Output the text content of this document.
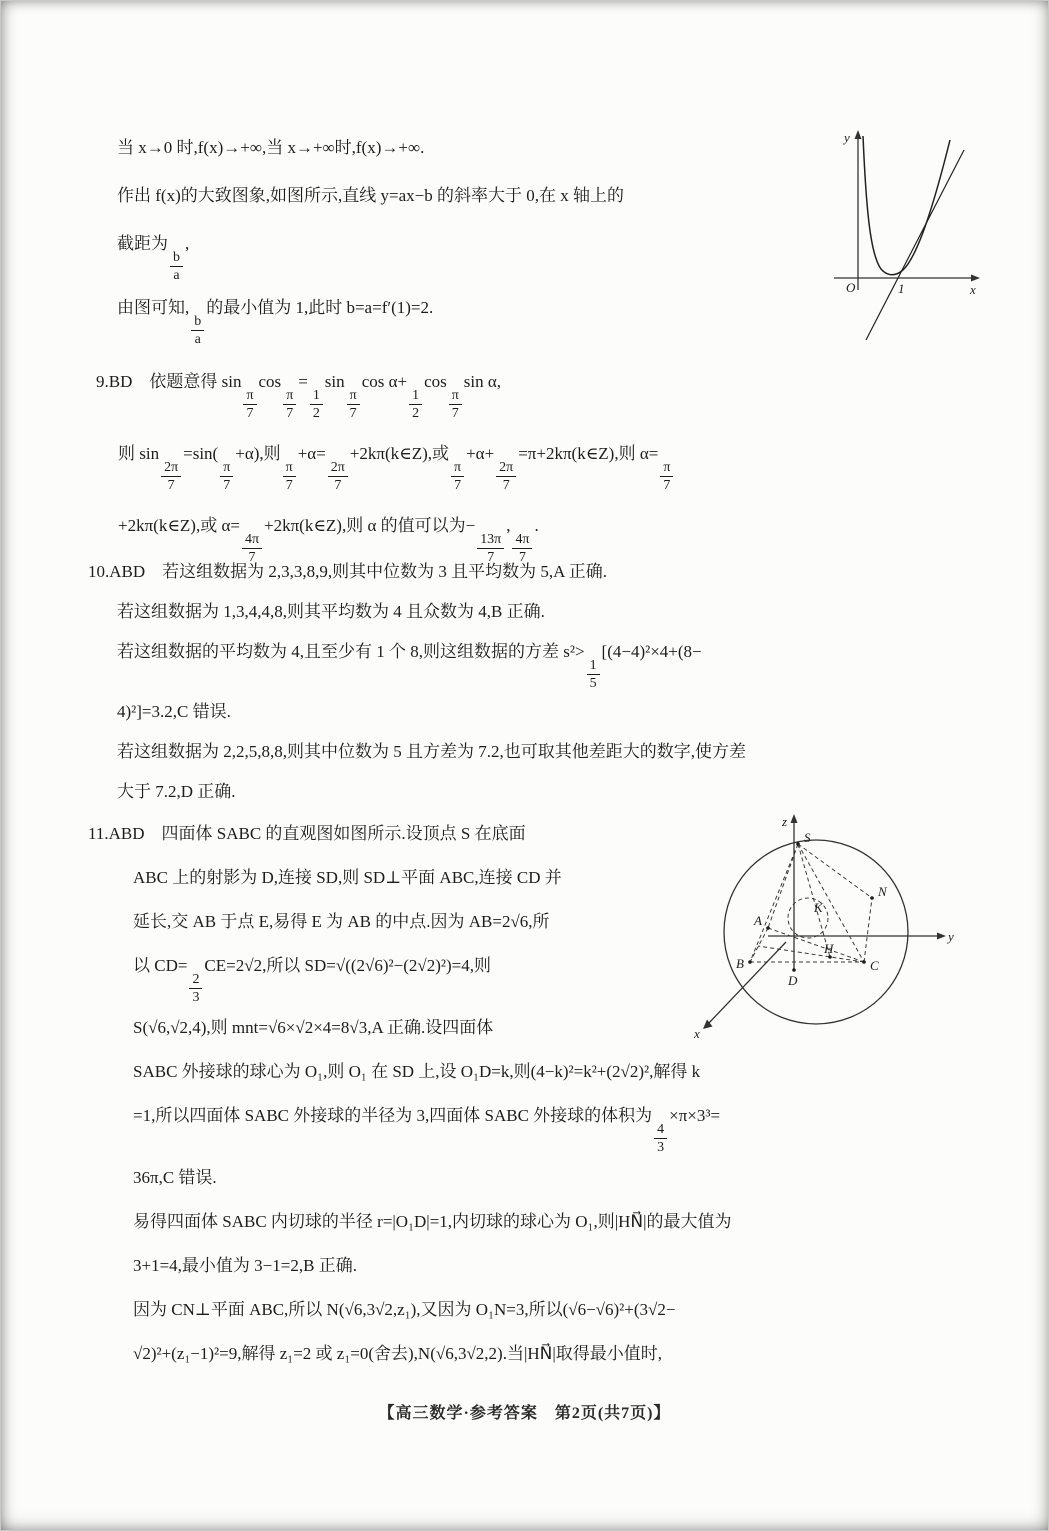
y
x
O	1
当 x→0 时,f(x)→+∞,当 x→+∞时,f(x)→+∞.
作出 f(x)的大致图象,如图所示,直线 y=ax−b 的斜率大于 0,在 x 轴上的
截距为
$\frac{b}{a}$
,
由图可知,
$\frac{b}{a}$
的最小值为 1,此时 b=a=f′(1)=2.
9.BD　依题意得 sin
$\frac{\pi}{7}$
cos
$\frac{\pi}{7}$
=
$\frac{1}{2}$
sin
$\frac{\pi}{7}$
cos α+
$\frac{1}{2}$
cos
$\frac{\pi}{7}$
sin α,
则 sin
$\frac{2\pi}{7}$
=sin(
$\frac{\pi}{7}$
+α),则
$\frac{\pi}{7}$
+α=
$\frac{2\pi}{7}$
+2kπ(k∈Z),或
$\frac{\pi}{7}$
+α+
$\frac{2\pi}{7}$
=π+2kπ(k∈Z),则 α=
$\frac{\pi}{7}$
+2kπ(k∈Z),或 α=
$\frac{4\pi}{7}$
+2kπ(k∈Z),则 α 的值可以为−
$\frac{13\pi}{7}$
,
$\frac{4\pi}{7}$
.
10.ABD　若这组数据为 2,3,3,8,9,则其中位数为 3 且平均数为 5,A 正确.
若这组数据为 1,3,4,4,8,则其平均数为 4 且众数为 4,B 正确.
若这组数据的平均数为 4,且至少有 1 个 8,则这组数据的方差 s²>
$\frac{1}{5}$
[(4−4)²×4+(8−
4)²]=3.2,C 错误.
若这组数据为 2,2,5,8,8,则其中位数为 5 且方差为 7.2,也可取其他差距大的数字,使方差
大于 7.2,D 正确.
z
S
N
K
A
B
D
H
C
y
x
11.ABD　四面体 SABC 的直观图如图所示.设顶点 S 在底面
ABC 上的射影为 D,连接 SD,则 SD⊥平面 ABC,连接 CD 并
延长,交 AB 于点 E,易得 E 为 AB 的中点.因为 AB=2√6,所
以 CD=
$\frac{2}{3}$
CE=2√2,所以 SD=√((2√6)²−(2√2)²)=4,则
S(√6,√2,4),则 mnt=√6×√2×4=8√3,A 正确.设四面体
SABC 外接球的球心为 O₁,则 O₁ 在 SD 上,设 O₁D=k,则(4−k)²=k²+(2√2)²,解得 k
=1,所以四面体 SABC 外接球的半径为 3,四面体 SABC 外接球的体积为
$\frac{4}{3}$
×π×3³=
36π,C 错误.
易得四面体 SABC 内切球的半径 r=|O₁D|=1,内切球的球心为 O₁,则|HN⃗|的最大值为
3+1=4,最小值为 3−1=2,B 正确.
因为 CN⊥平面 ABC,所以 N(√6,3√2,z₁),又因为 O₁N=3,所以(√6−√6)²+(3√2−
√2)²+(z₁−1)²=9,解得 z₁=2 或 z₁=0(舍去),N(√6,3√2,2).当|HN⃗|取得最小值时,
【高三数学·参考答案　第2页(共7页)】
